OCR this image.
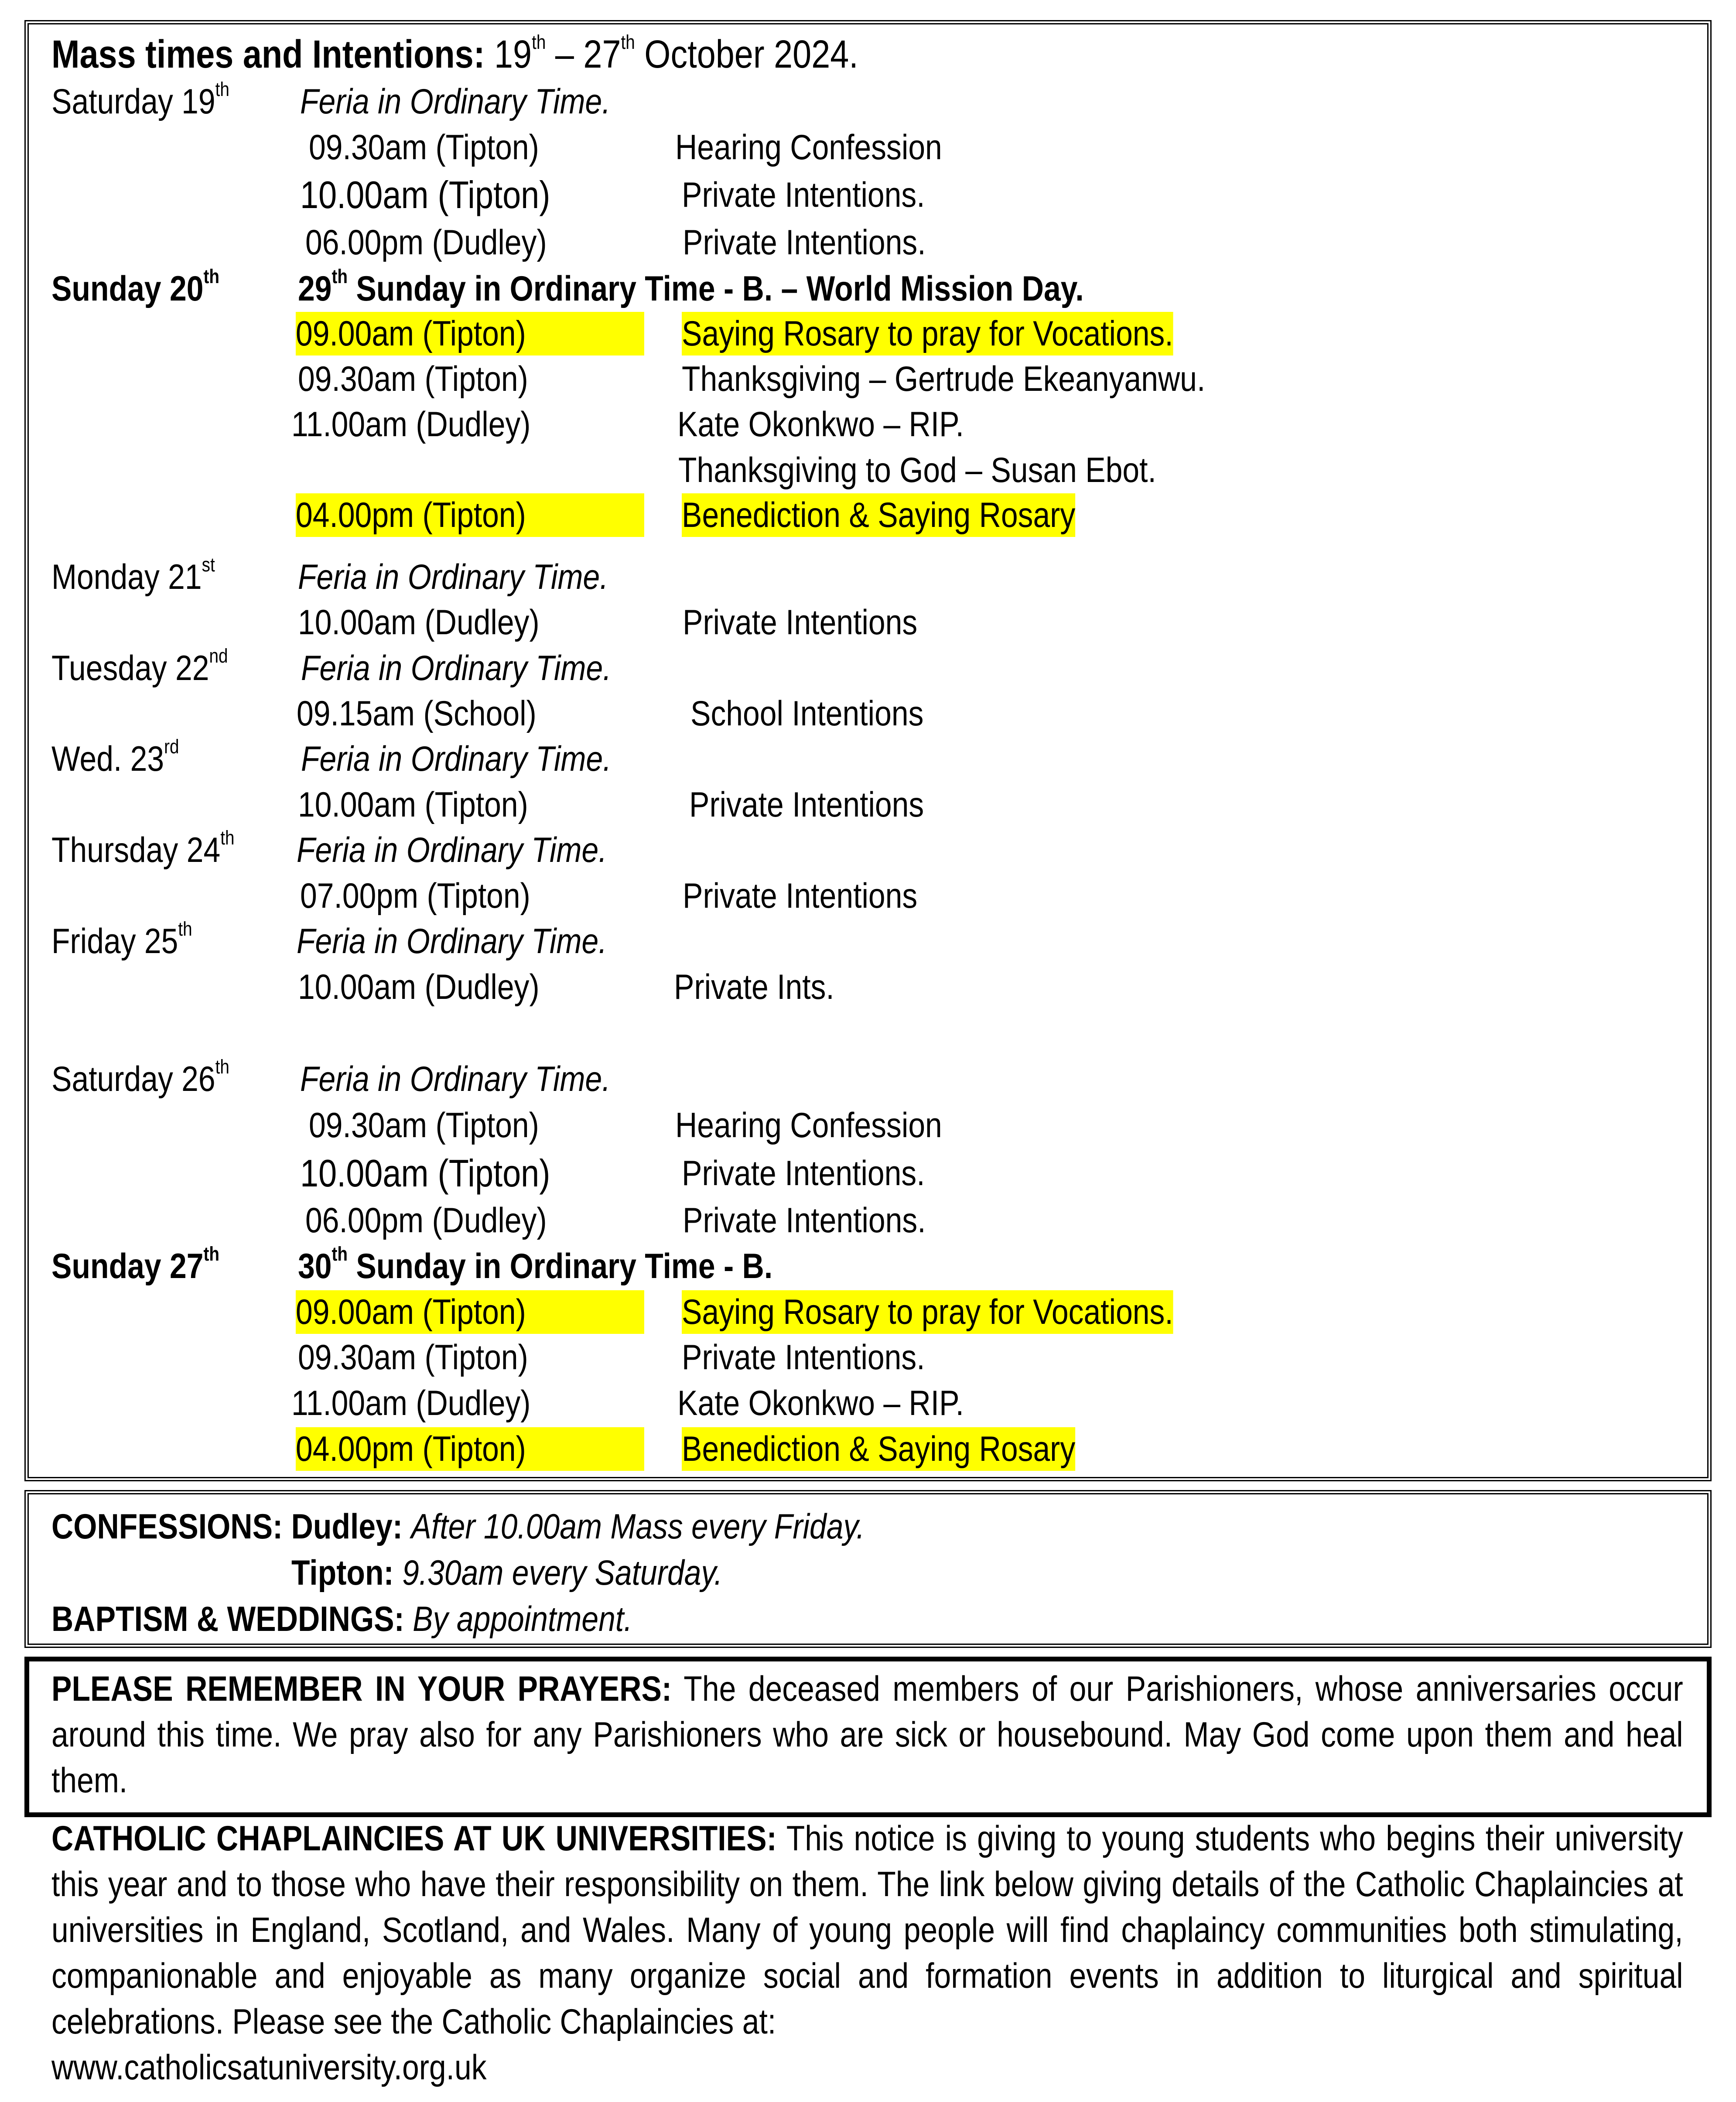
Mass times and Intentions: 19th – 27th October 2024.
Saturday 19th	Feria in Ordinary Time.
09.30am (Tipton)	Hearing Confession
10.00am (Tipton)	Private Intentions.
06.00pm (Dudley)	Private Intentions.
Sunday 20th	29th Sunday in Ordinary Time - B. – World Mission Day.
09.00am (Tipton)	Saying Rosary to pray for Vocations.
09.30am (Tipton)	Thanksgiving – Gertrude Ekeanyanwu.
11.00am (Dudley)	Kate Okonkwo – RIP.
Thanksgiving to God – Susan Ebot.
04.00pm (Tipton)	Benediction & Saying Rosary
Monday 21st	Feria in Ordinary Time.
10.00am (Dudley)	Private Intentions
Tuesday 22nd	Feria in Ordinary Time.
09.15am (School)	School Intentions
Wed. 23rd	Feria in Ordinary Time.
10.00am (Tipton)	Private Intentions
Thursday 24th	Feria in Ordinary Time.
07.00pm (Tipton)	Private Intentions
Friday 25th	Feria in Ordinary Time.
10.00am (Dudley)	Private Ints.
Saturday 26th	Feria in Ordinary Time.
09.30am (Tipton)	Hearing Confession
10.00am (Tipton)	Private Intentions.
06.00pm (Dudley)	Private Intentions.
Sunday 27th	30th Sunday in Ordinary Time - B.
09.00am (Tipton)	Saying Rosary to pray for Vocations.
09.30am (Tipton)	Private Intentions.
11.00am (Dudley)	Kate Okonkwo – RIP.
04.00pm (Tipton)	Benediction & Saying Rosary
CONFESSIONS: Dudley: After 10.00am Mass every Friday.
Tipton: 9.30am every Saturday.
BAPTISM & WEDDINGS: By appointment.
PLEASE REMEMBER IN YOUR PRAYERS: The deceased members of our Parishioners, whose anniversaries occur around this time. We pray also for any Parishioners who are sick or housebound. May God come upon them and heal them.
CATHOLIC CHAPLAINCIES AT UK UNIVERSITIES: This notice is giving to young students who begins their university this year and to those who have their responsibility on them. The link below giving details of the Catholic Chaplaincies at universities in England, Scotland, and Wales. Many of young people will find chaplaincy communities both stimulating, companionable and enjoyable as many organize social and formation events in addition to liturgical and spiritual celebrations. Please see the Catholic Chaplaincies at:
www.catholicsatuniversity.org.uk
